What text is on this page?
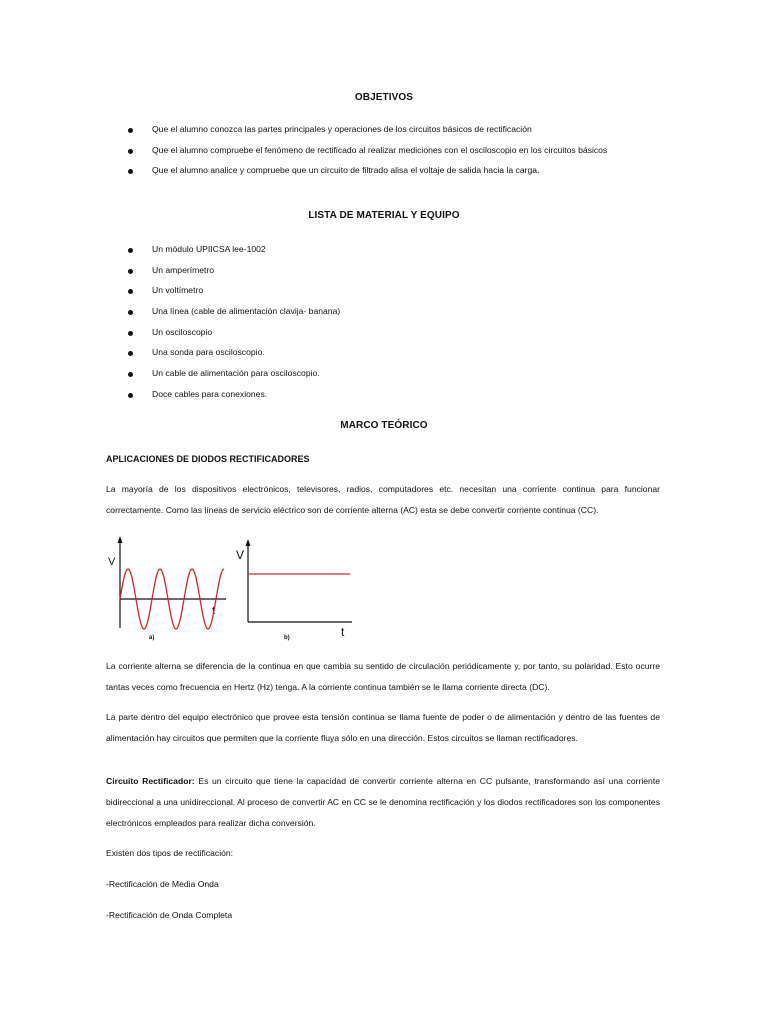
OBJETIVOS
Que el alumno conozca las partes principales y operaciones de los circuitos básicos de rectificación
Que el alumno compruebe el fenómeno de rectificado al realizar mediciones con el osciloscopio en los circuitos básicos
Que el alumno analice y compruebe que un circuito de filtrado alisa el voltaje de salida hacia la carga.
LISTA DE MATERIAL Y EQUIPO
Un módulo UPIICSA lee-1002
Un amperímetro
Un voltímetro
Una línea (cable de alimentación clavija- banana)
Un osciloscopio
Una sonda para osciloscopio.
Un cable de alimentación para osciloscopio.
Doce cables para conexiones.
MARCO TEÓRICO
APLICACIONES DE DIODOS RECTIFICADORES
La mayoría de los dispositivos electrónicos, televisores, radios, computadores etc. necesitan una corriente continua para funcionar correctamente. Como las líneas de servicio eléctrico son de corriente alterna (AC) esta se debe convertir corriente continua (CC).
V
t
a)
V
t
b)
La corriente alterna se diferencia de la continua en que cambia su sentido de circulación periódicamente y, por tanto, su polaridad. Esto ocurre tantas veces como frecuencia en Hertz (Hz) tenga. A la corriente continua también se le llama corriente directa (DC).
La parte dentro del equipo electrónico que provee esta tensión continua se llama fuente de poder o de alimentación y dentro de las fuentes de alimentación hay circuitos que permiten que la corriente fluya sólo en una dirección. Estos circuitos se llaman rectificadores.
Circuito Rectificador: Es un circuito que tiene la capacidad de convertir corriente alterna en CC pulsante, transformando así una corriente bidireccional a una unidireccional. Al proceso de convertir AC en CC se le denomina rectificación y los diodos rectificadores son los componentes electrónicos empleados para realizar dicha conversión.
Existen dos tipos de rectificación:
-Rectificación de Media Onda
-Rectificación de Onda Completa
